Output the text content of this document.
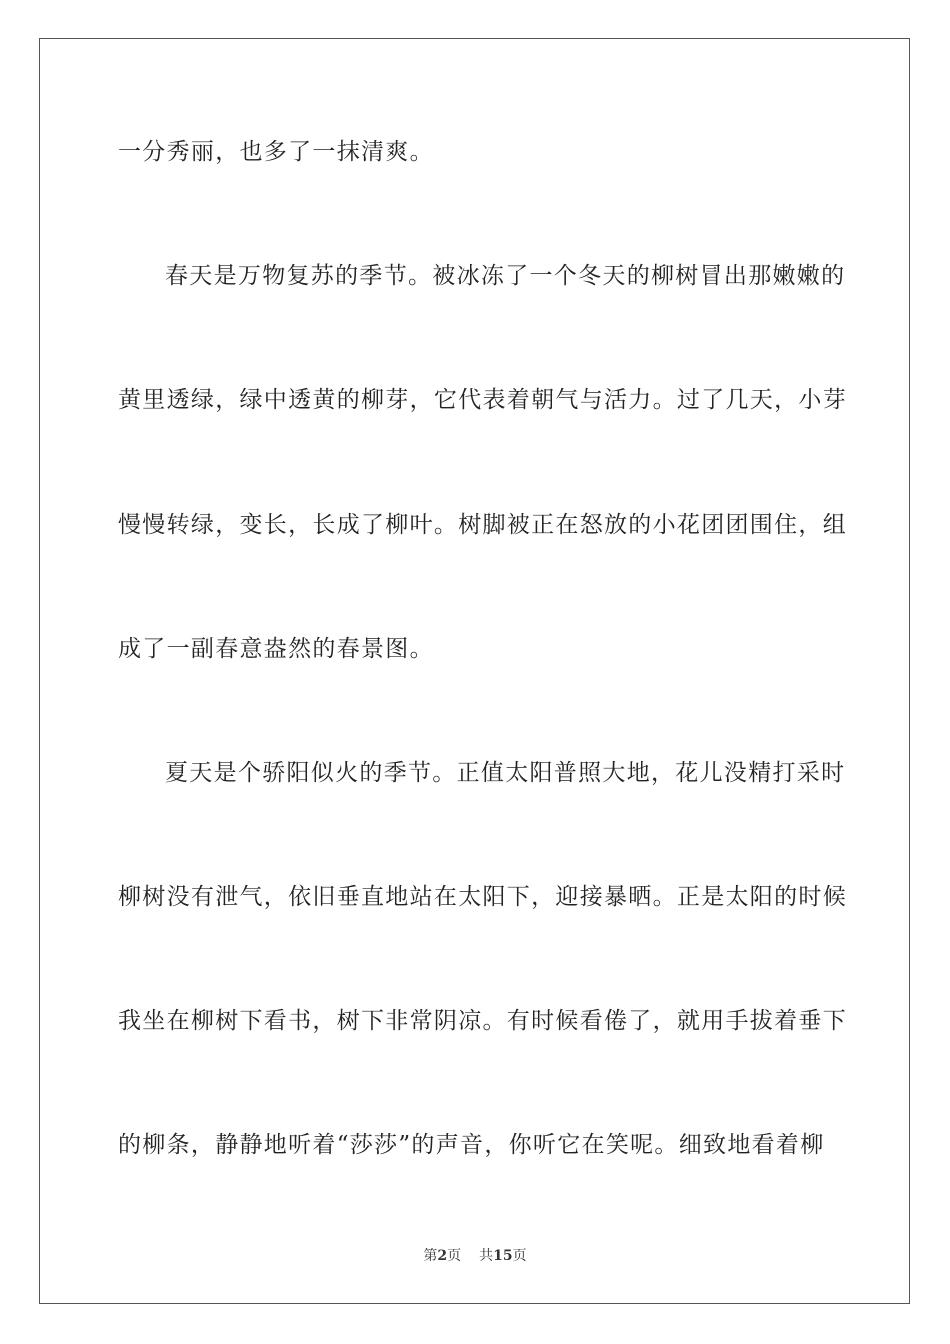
一分秀丽，也多了一抹清爽。
春天是万物复苏的季节。被冰冻了一个冬天的柳树冒出那嫩嫩的
黄里透绿，绿中透黄的柳芽，它代表着朝气与活力。过了几天，小芽
慢慢转绿，变长，长成了柳叶。树脚被正在怒放的小花团团围住，组
成了一副春意盎然的春景图。
夏天是个骄阳似火的季节。正值太阳普照大地，花儿没精打采时
柳树没有泄气，依旧垂直地站在太阳下，迎接暴晒。正是太阳的时候
我坐在柳树下看书，树下非常阴凉。有时候看倦了，就用手拔着垂下
的柳条，静静地听着“莎莎”的声音，你听它在笑呢。细致地看着柳
第2页 共15页
